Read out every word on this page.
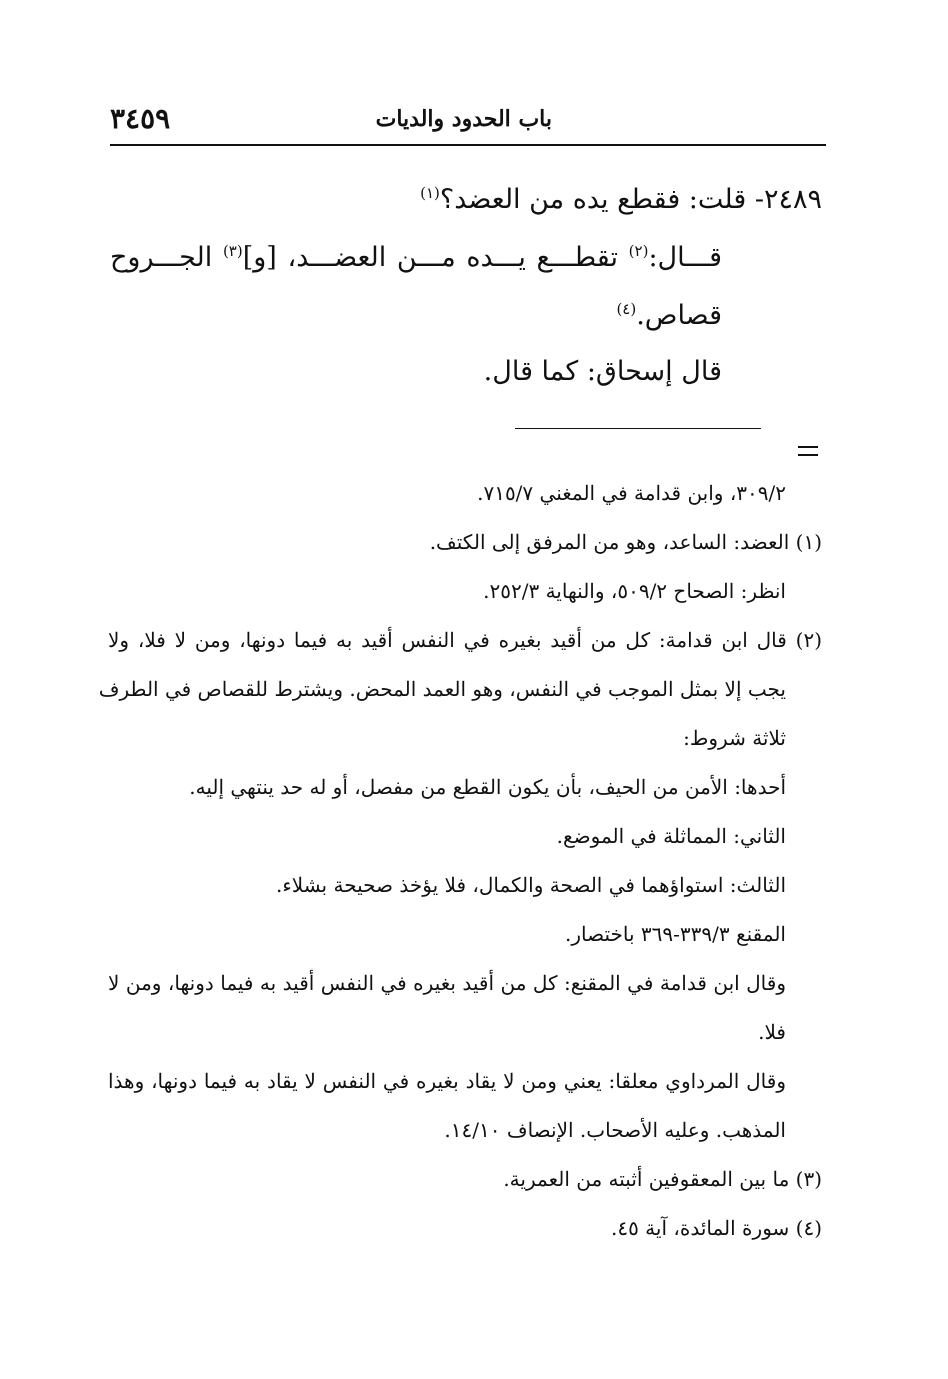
باب الحدود والديات
٣٤٥٩
٢٤٨٩- قلت: فقطع يده من العضد؟$^{(١)}$
قـــال:$^{(٢)}$ تقطـــع يـــده مـــن العضـــد، [و]$^{(٣)}$ الجـــروح
قصاص.$^{(٤)}$
قال إسحاق: كما قال.
٣٠٩/٢، وابن قدامة في المغني ٧١٥/٧.
(١) العضد: الساعد، وهو من المرفق إلى الكتف.
انظر: الصحاح ٥٠٩/٢، والنهاية ٢٥٢/٣.
(٢) قال ابن قدامة: كل من أقيد بغيره في النفس أقيد به فيما دونها، ومن لا فلا، ولا
يجب إلا بمثل الموجب في النفس، وهو العمد المحض. ويشترط للقصاص في الطرف
ثلاثة شروط:
أحدها: الأمن من الحيف، بأن يكون القطع من مفصل، أو له حد ينتهي إليه.
الثاني: المماثلة في الموضع.
الثالث: استواؤهما في الصحة والكمال، فلا يؤخذ صحيحة بشلاء.
المقنع ٣٣٩/٣-٣٦٩ باختصار.
وقال ابن قدامة في المقنع: كل من أقيد بغيره في النفس أقيد به فيما دونها، ومن لا
فلا.
وقال المرداوي معلقا: يعني ومن لا يقاد بغيره في النفس لا يقاد به فيما دونها، وهذا
المذهب. وعليه الأصحاب. الإنصاف ١٤/١٠.
(٣) ما بين المعقوفين أثبته من العمرية.
(٤) سورة المائدة، آية ٤٥.
